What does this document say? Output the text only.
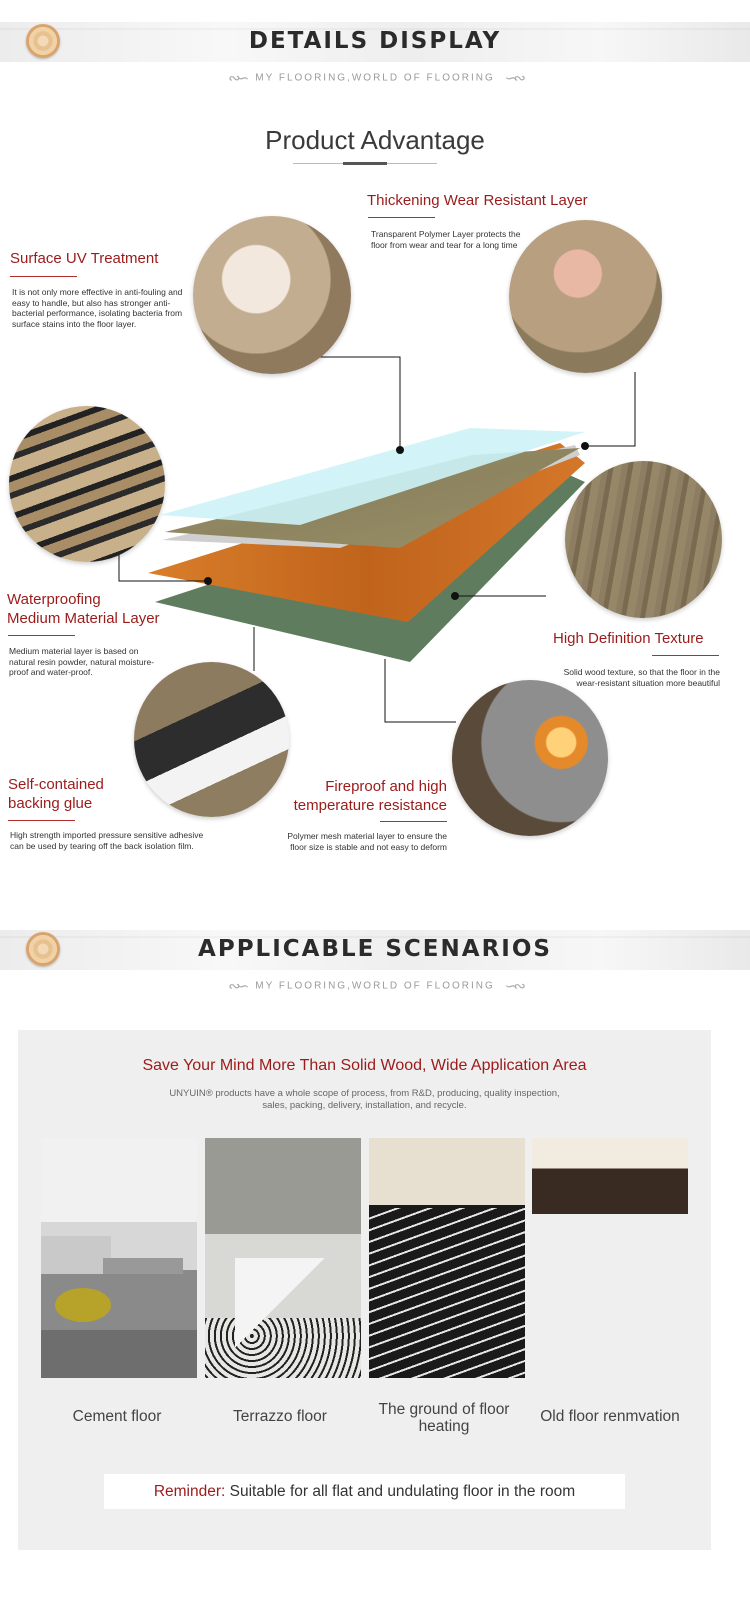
DETAILS DISPLAY
∾∽ MY FLOORING,WORLD OF FLOORING ∽∾
Product Advantage
Surface UV Treatment
It is not only more effective in anti-fouling and easy to handle, but also has stronger anti-bacterial performance, isolating bacteria from surface stains into the floor layer.
Thickening Wear Resistant Layer
Transparent Polymer Layer protects the floor from wear and tear for a long time
Waterproofing
Medium Material Layer
Medium material layer is based on natural resin powder, natural moisture-proof and water-proof.
High Definition Texture
Solid wood texture, so that the floor in the wear-resistant situation more beautiful
Self-contained
backing glue
High strength imported pressure sensitive adhesive can be used by tearing off the back isolation film.
Fireproof and high
temperature resistance
Polymer mesh material layer to ensure the floor size is stable and not easy to deform
APPLICABLE SCENARIOS
∾∽ MY FLOORING,WORLD OF FLOORING ∽∾
Save Your Mind More Than Solid Wood, Wide Application Area
UNYUIN® products have a whole scope of process, from R&D, producing, quality inspection, sales, packing, delivery, installation, and recycle.
Cement floor	Terrazzo floor	The ground of floor
heating
Old floor renmvation
Reminder: Suitable for all flat and undulating floor in the room
